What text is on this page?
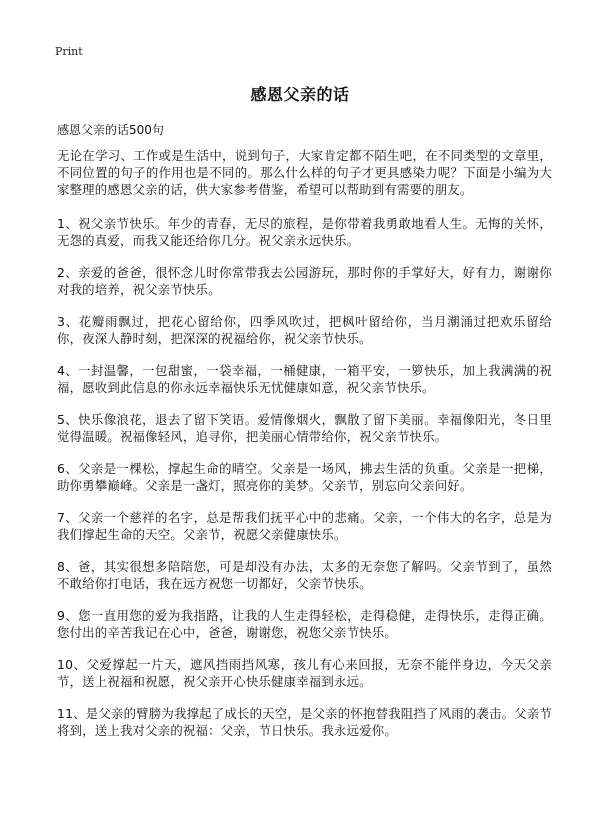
Print
感恩父亲的话
感恩父亲的话500句

无论在学习、工作或是生活中，说到句子，大家肯定都不陌生吧，在不同类型的文章里，不同位置的句子的作用也是不同的。那么什么样的句子才更具感染力呢？下面是小编为大家整理的感恩父亲的话，供大家参考借鉴，希望可以帮助到有需要的朋友。

1、祝父亲节快乐。年少的青春，无尽的旅程，是你带着我勇敢地看人生。无悔的关怀，无怨的真爱，而我又能还给你几分。祝父亲永远快乐。

2、亲爱的爸爸，很怀念儿时你常带我去公园游玩，那时你的手掌好大，好有力，谢谢你对我的培养，祝父亲节快乐。

3、花瓣雨飘过，把花心留给你，四季风吹过，把枫叶留给你，当月潮涌过把欢乐留给你，夜深人静时刻，把深深的祝福给你，祝父亲节快乐。

4、一封温馨，一包甜蜜，一袋幸福，一桶健康，一箱平安，一箩快乐，加上我满满的祝福，愿收到此信息的你永远幸福快乐无忧健康如意，祝父亲节快乐。

5、快乐像浪花，退去了留下笑语。爱情像烟火，飘散了留下美丽。幸福像阳光，冬日里觉得温暖。祝福像轻风，追寻你，把美丽心情带给你，祝父亲节快乐。

6、父亲是一棵松，撑起生命的晴空。父亲是一场风，拂去生活的负重。父亲是一把梯，助你勇攀巅峰。父亲是一盏灯，照亮你的美梦。父亲节，别忘向父亲问好。

7、父亲一个慈祥的名字，总是帮我们抚平心中的悲痛。父亲，一个伟大的名字，总是为我们撑起生命的天空。父亲节，祝愿父亲健康快乐。

8、爸，其实很想多陪陪您，可是却没有办法，太多的无奈您了解吗。父亲节到了，虽然不敢给你打电话，我在远方祝您一切都好，父亲节快乐。

9、您一直用您的爱为我指路，让我的人生走得轻松，走得稳健，走得快乐，走得正确。您付出的辛苦我记在心中，爸爸，谢谢您，祝您父亲节快乐。

10、父爱撑起一片天，遮风挡雨挡风寒，孩儿有心来回报，无奈不能伴身边，今天父亲节，送上祝福和祝愿，祝父亲开心快乐健康幸福到永远。

11、是父亲的臂膀为我撑起了成长的天空，是父亲的怀抱替我阻挡了风雨的袭击。父亲节将到，送上我对父亲的祝福：父亲，节日快乐。我永远爱你。
